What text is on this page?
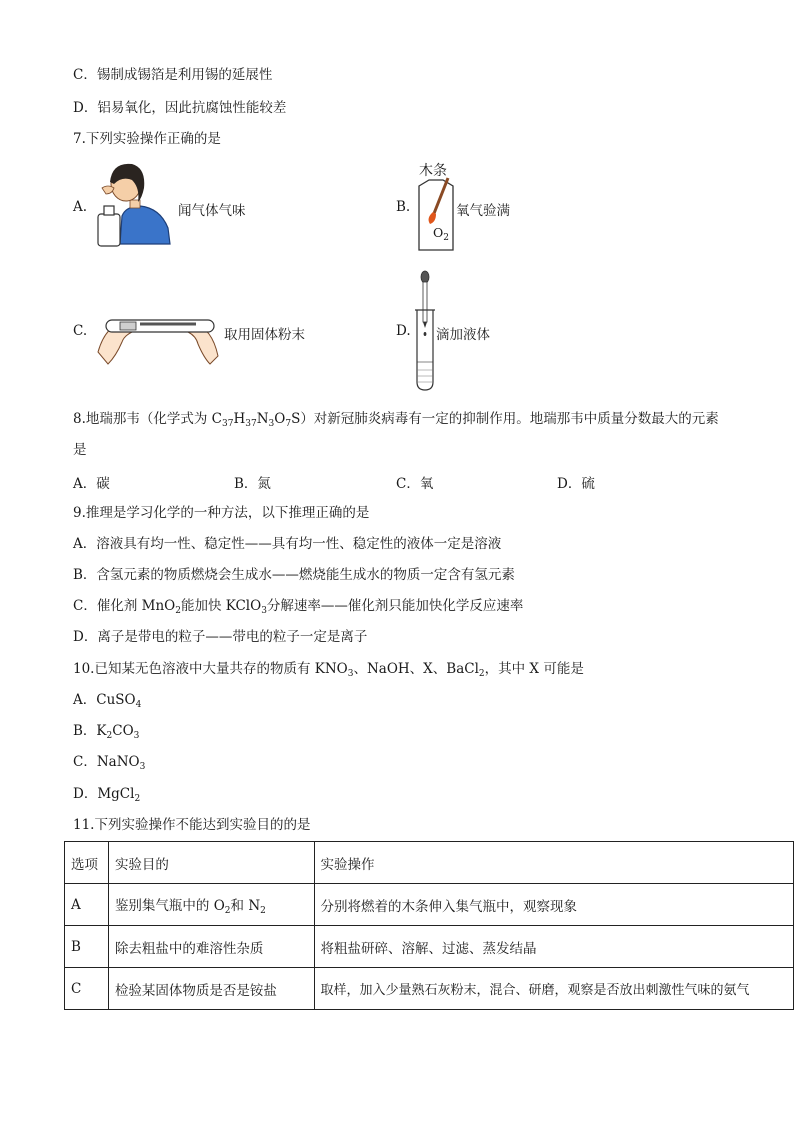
C．锡制成锡箔是利用锡的延展性
D．铝易氧化，因此抗腐蚀性能较差
7.下列实验操作正确的是
A.	闻气体气味	B.
木条
$O_2$
氧气验满
C.	取用固体粉末	D. 滴加液体
8.地瑞那韦（化学式为 $C_{37}H_{37}N_3O_7S$）对新冠肺炎病毒有一定的抑制作用。地瑞那韦中质量分数最大的元素
是
A．碳	B．氮	C．氧	D．硫
9.推理是学习化学的一种方法，以下推理正确的是
A．溶液具有均一性、稳定性——具有均一性、稳定性的液体一定是溶液
B．含氢元素的物质燃烧会生成水——燃烧能生成水的物质一定含有氢元素
C．催化剂 MnO$_2$能加快 KClO$_3$分解速率——催化剂只能加快化学反应速率
D．离子是带电的粒子——带电的粒子一定是离子
10.已知某无色溶液中大量共存的物质有 $KNO_3$、NaOH、X、BaCl$_2$，其中 X 可能是
A．CuSO$_4$
B．$K_2CO_3$
C．NaNO$_3$
D．MgCl$_2$
11.下列实验操作不能达到实验目的的是
选项	实验目的	实验操作
A	鉴别集气瓶中的 $O_2$和 $N_2$	分别将燃着的木条伸入集气瓶中，观察现象
B	除去粗盐中的难溶性杂质	将粗盐研碎、溶解、过滤、蒸发结晶
C	检验某固体物质是否是铵盐	取样，加入少量熟石灰粉末，混合、研磨，观察是否放出刺激性气味的氨气
